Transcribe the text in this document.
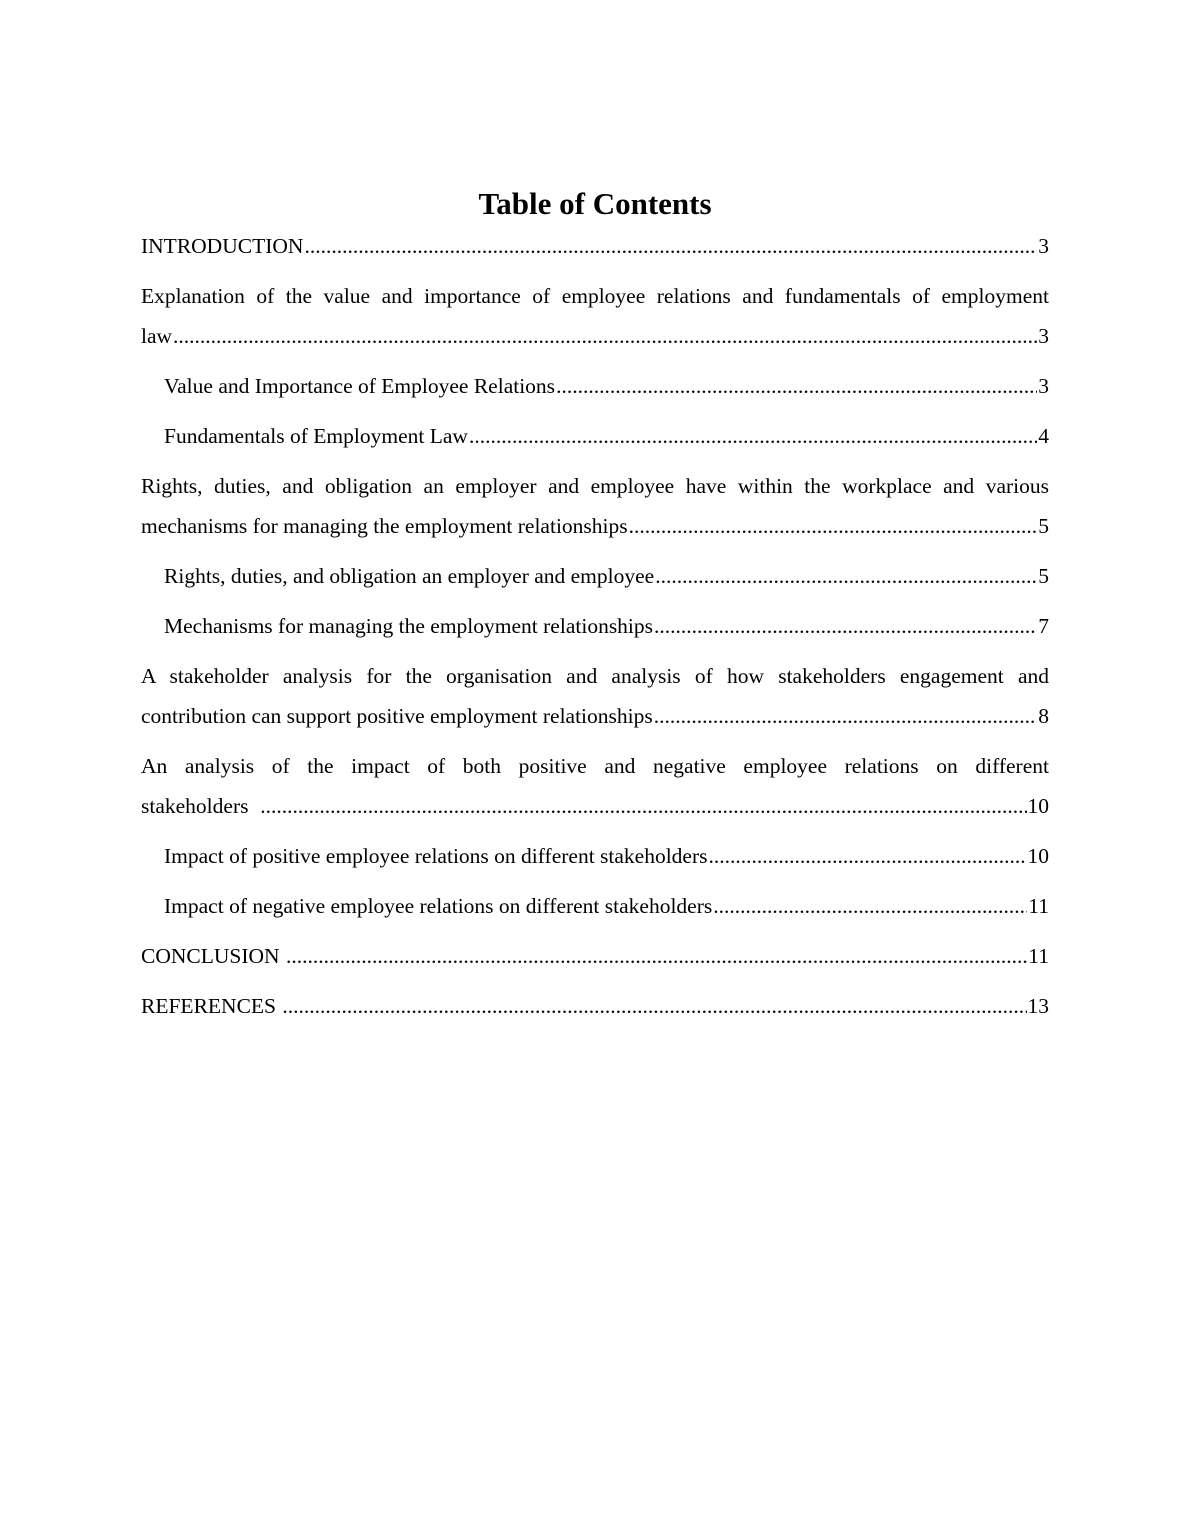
Table of Contents
INTRODUCTION .....	3
Explanation of the value and importance of employee relations and fundamentals of employment
law .....	3
Value and Importance of Employee Relations .....	3
Fundamentals of Employment Law .....	4
Rights, duties, and obligation an employer and employee have within the workplace and various
mechanisms for managing the employment relationships .....	5
Rights, duties, and obligation an employer and employee .....	5
Mechanisms for managing the employment relationships .....	7
A stakeholder analysis for the organisation and analysis of how stakeholders engagement and
contribution can support positive employment relationships .....	8
An analysis of the impact of both positive and negative employee relations on different
stakeholders .....	10
Impact of positive employee relations on different stakeholders .....	10
Impact of negative employee relations on different stakeholders .....	11
CONCLUSION .....	11
REFERENCES .....	13
